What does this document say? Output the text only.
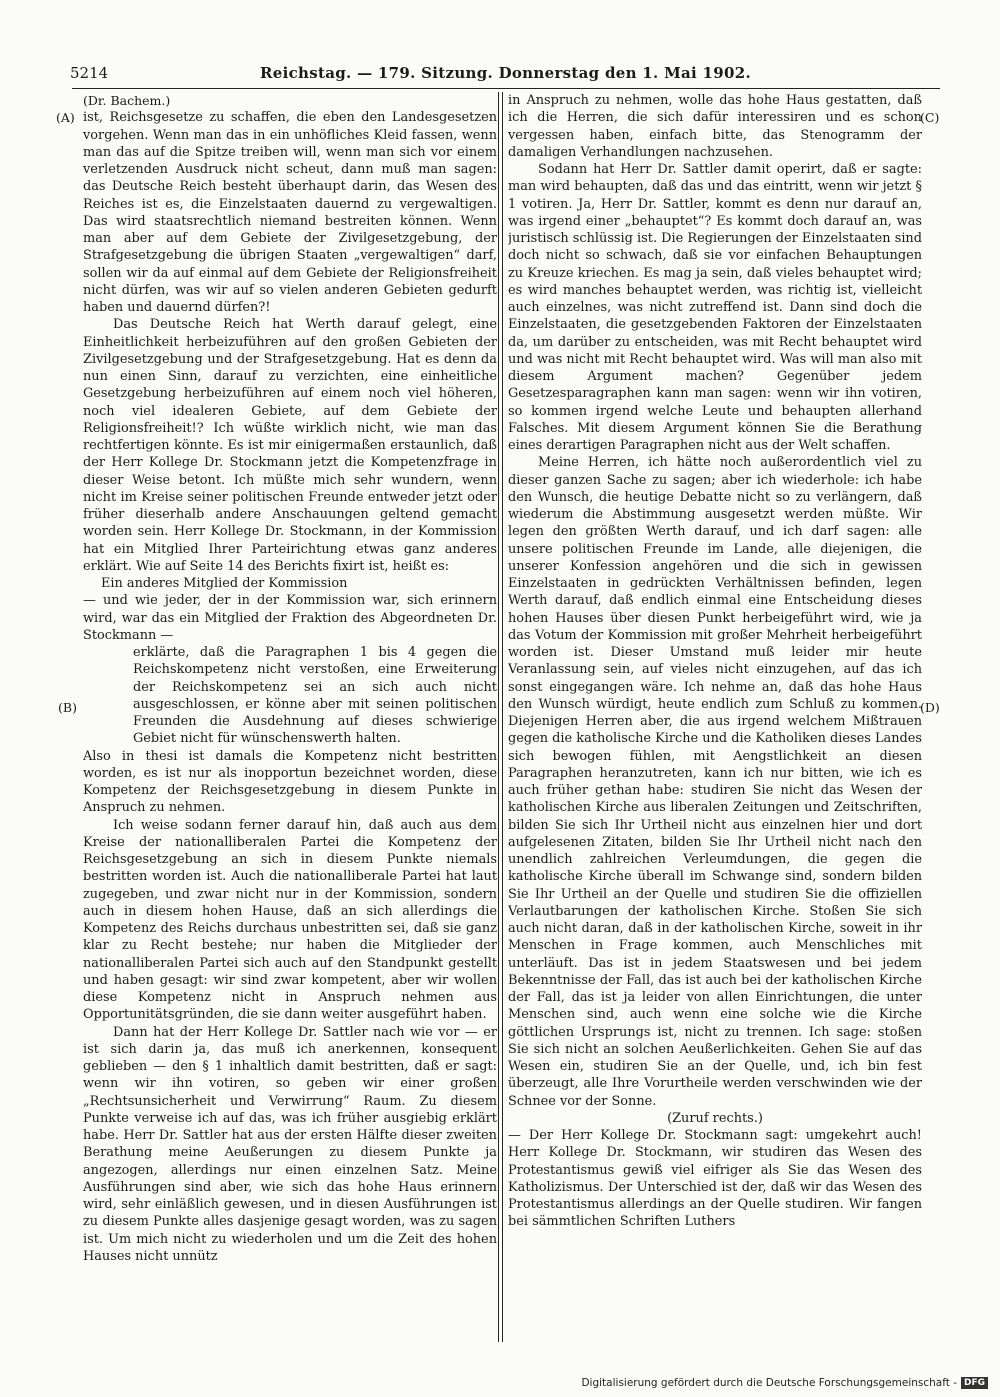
5214	Reichstag. — 179. Sitzung. Donnerstag den 1. Mai 1902.
(A)
(B)
(C)
(D)
(Dr. Bachem.)

ist, Reichsgesetze zu schaffen, die eben den Landesgesetzen vorgehen. Wenn man das in ein unhöfliches Kleid fassen, wenn man das auf die Spitze treiben will, wenn man sich vor einem verletzenden Ausdruck nicht scheut, dann muß man sagen: das Deutsche Reich besteht überhaupt darin, das Wesen des Reiches ist es, die Einzelstaaten dauernd zu vergewaltigen. Das wird staatsrechtlich niemand bestreiten können. Wenn man aber auf dem Gebiete der Zivilgesetzgebung, der Strafgesetzgebung die übrigen Staaten „vergewaltigen“ darf, sollen wir da auf einmal auf dem Gebiete der Religionsfreiheit nicht dürfen, was wir auf so vielen anderen Gebieten gedurft haben und dauernd dürfen?!

Das Deutsche Reich hat Werth darauf gelegt, eine Einheitlichkeit herbeizuführen auf den großen Gebieten der Zivilgesetzgebung und der Strafgesetzgebung. Hat es denn da nun einen Sinn, darauf zu verzichten, eine einheitliche Gesetzgebung herbeizuführen auf einem noch viel höheren, noch viel idealeren Gebiete, auf dem Gebiete der Religionsfreiheit!? Ich wüßte wirklich nicht, wie man das rechtfertigen könnte. Es ist mir einigermaßen erstaunlich, daß der Herr Kollege Dr. Stockmann jetzt die Kompetenzfrage in dieser Weise betont. Ich müßte mich sehr wundern, wenn nicht im Kreise seiner politischen Freunde entweder jetzt oder früher dieserhalb andere Anschauungen geltend gemacht worden sein. Herr Kollege Dr. Stockmann, in der Kommission hat ein Mitglied Ihrer Parteirichtung etwas ganz anderes erklärt. Wie auf Seite 14 des Berichts fixirt ist, heißt es:

Ein anderes Mitglied der Kommission

— und wie jeder, der in der Kommission war, sich erinnern wird, war das ein Mitglied der Fraktion des Abgeordneten Dr. Stockmann —

erklärte, daß die Paragraphen 1 bis 4 gegen die Reichskompetenz nicht verstoßen, eine Erweiterung der Reichskompetenz sei an sich auch nicht ausgeschlossen, er könne aber mit seinen politischen Freunden die Ausdehnung auf dieses schwierige Gebiet nicht für wünschenswerth halten.

Also in thesi ist damals die Kompetenz nicht bestritten worden, es ist nur als inopportun bezeichnet worden, diese Kompetenz der Reichsgesetzgebung in diesem Punkte in Anspruch zu nehmen.

Ich weise sodann ferner darauf hin, daß auch aus dem Kreise der nationalliberalen Partei die Kompetenz der Reichsgesetzgebung an sich in diesem Punkte niemals bestritten worden ist. Auch die nationalliberale Partei hat laut zugegeben, und zwar nicht nur in der Kommission, sondern auch in diesem hohen Hause, daß an sich allerdings die Kompetenz des Reichs durchaus unbestritten sei, daß sie ganz klar zu Recht bestehe; nur haben die Mitglieder der nationalliberalen Partei sich auch auf den Standpunkt gestellt und haben gesagt: wir sind zwar kompetent, aber wir wollen diese Kompetenz nicht in Anspruch nehmen aus Opportunitätsgründen, die sie dann weiter ausgeführt haben.

Dann hat der Herr Kollege Dr. Sattler nach wie vor — er ist sich darin ja, das muß ich anerkennen, konsequent geblieben — den § 1 inhaltlich damit bestritten, daß er sagt: wenn wir ihn votiren, so geben wir einer großen „Rechtsunsicherheit und Verwirrung“ Raum. Zu diesem Punkte verweise ich auf das, was ich früher ausgiebig erklärt habe. Herr Dr. Sattler hat aus der ersten Hälfte dieser zweiten Berathung meine Aeußerungen zu diesem Punkte ja angezogen, allerdings nur einen einzelnen Satz. Meine Ausführungen sind aber, wie sich das hohe Haus erinnern wird, sehr einläßlich gewesen, und in diesen Ausführungen ist zu diesem Punkte alles dasjenige gesagt worden, was zu sagen ist. Um mich nicht zu wiederholen und um die Zeit des hohen Hauses nicht unnütz

in Anspruch zu nehmen, wolle das hohe Haus gestatten, daß ich die Herren, die sich dafür interessiren und es schon vergessen haben, einfach bitte, das Stenogramm der damaligen Verhandlungen nachzusehen.

Sodann hat Herr Dr. Sattler damit operirt, daß er sagte: man wird behaupten, daß das und das eintritt, wenn wir jetzt § 1 votiren. Ja, Herr Dr. Sattler, kommt es denn nur darauf an, was irgend einer „behauptet“? Es kommt doch darauf an, was juristisch schlüssig ist. Die Regierungen der Einzelstaaten sind doch nicht so schwach, daß sie vor einfachen Behauptungen zu Kreuze kriechen. Es mag ja sein, daß vieles behauptet wird; es wird manches behauptet werden, was richtig ist, vielleicht auch einzelnes, was nicht zutreffend ist. Dann sind doch die Einzelstaaten, die gesetzgebenden Faktoren der Einzelstaaten da, um darüber zu entscheiden, was mit Recht behauptet wird und was nicht mit Recht behauptet wird. Was will man also mit diesem Argument machen? Gegenüber jedem Gesetzesparagraphen kann man sagen: wenn wir ihn votiren, so kommen irgend welche Leute und behaupten allerhand Falsches. Mit diesem Argument können Sie die Berathung eines derartigen Paragraphen nicht aus der Welt schaffen.

Meine Herren, ich hätte noch außerordentlich viel zu dieser ganzen Sache zu sagen; aber ich wiederhole: ich habe den Wunsch, die heutige Debatte nicht so zu verlängern, daß wiederum die Abstimmung ausgesetzt werden müßte. Wir legen den größten Werth darauf, und ich darf sagen: alle unsere politischen Freunde im Lande, alle diejenigen, die unserer Konfession angehören und die sich in gewissen Einzelstaaten in gedrückten Verhältnissen befinden, legen Werth darauf, daß endlich einmal eine Entscheidung dieses hohen Hauses über diesen Punkt herbeigeführt wird, wie ja das Votum der Kommission mit großer Mehrheit herbeigeführt worden ist. Dieser Umstand muß leider mir heute Veranlassung sein, auf vieles nicht einzugehen, auf das ich sonst eingegangen wäre. Ich nehme an, daß das hohe Haus den Wunsch würdigt, heute endlich zum Schluß zu kommen. Diejenigen Herren aber, die aus irgend welchem Mißtrauen gegen die katholische Kirche und die Katholiken dieses Landes sich bewogen fühlen, mit Aengstlichkeit an diesen Paragraphen heranzutreten, kann ich nur bitten, wie ich es auch früher gethan habe: studiren Sie nicht das Wesen der katholischen Kirche aus liberalen Zeitungen und Zeitschriften, bilden Sie sich Ihr Urtheil nicht aus einzelnen hier und dort aufgelesenen Zitaten, bilden Sie Ihr Urtheil nicht nach den unendlich zahlreichen Verleumdungen, die gegen die katholische Kirche überall im Schwange sind, sondern bilden Sie Ihr Urtheil an der Quelle und studiren Sie die offiziellen Verlautbarungen der katholischen Kirche. Stoßen Sie sich auch nicht daran, daß in der katholischen Kirche, soweit in ihr Menschen in Frage kommen, auch Menschliches mit unterläuft. Das ist in jedem Staatswesen und bei jedem Bekenntnisse der Fall, das ist auch bei der katholischen Kirche der Fall, das ist ja leider von allen Einrichtungen, die unter Menschen sind, auch wenn eine solche wie die Kirche göttlichen Ursprungs ist, nicht zu trennen. Ich sage: stoßen Sie sich nicht an solchen Aeußerlichkeiten. Gehen Sie auf das Wesen ein, studiren Sie an der Quelle, und, ich bin fest überzeugt, alle Ihre Vorurtheile werden verschwinden wie der Schnee vor der Sonne.

(Zuruf rechts.)

— Der Herr Kollege Dr. Stockmann sagt: umgekehrt auch! Herr Kollege Dr. Stockmann, wir studiren das Wesen des Protestantismus gewiß viel eifriger als Sie das Wesen des Katholizismus. Der Unterschied ist der, daß wir das Wesen des Protestantismus allerdings an der Quelle studiren. Wir fangen bei sämmtlichen Schriften Luthers

Digitalisierung gefördert durch die Deutsche Forschungsgemeinschaft - DFG
